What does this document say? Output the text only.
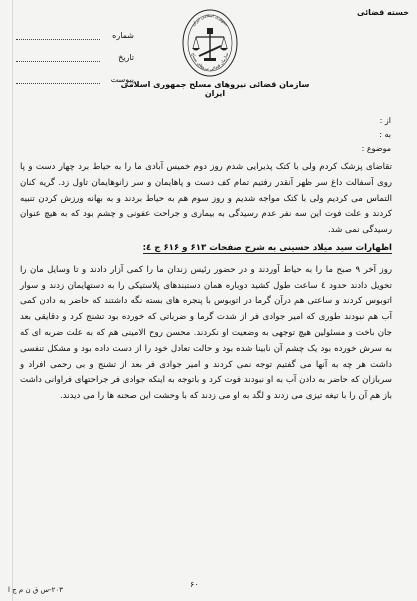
خسته قضائی
شماره
تاریخ
پیوست
جمهوری اسلامی ایران
سازمان قضائی نیروهای مسلح
سازمان قضائی نیروهای مسلح جمهوری اسلامی ایران
از :
به :
موضوع :

تقاضای پزشک کردم ولی با کتک پذیرایی شدم روز دوم خمیس آبادی ما را به حیاط برد چهار دست و پا روی آسفالت داغ سر ظهر آنقدر رفتیم تمام کف دست و پاهایمان و سر زانوهایمان تاول زد. گریه کنان التماس می کردیم ولی با کتک مواجه شدیم و روز سوم هم به حیاط بردند و به بهانه ورزش کردن تنبیه کردند و علت فوت این سه نفر عدم رسیدگی به بیماری و جراحت عفونی و چشم بود که به هیچ عنوان رسیدگی نمی شد.

اظهارات سید میلاد حسینی به شرح صفحات ۶۱۳ و ۶۱۶ ج ٤:

روز آخر ۹ صبح ما را به حیاط آوردند و در حضور رئیس زندان ما را کمی آزار دادند و تا وسایل مان را تحویل دادند حدود ٤ ساعت طول کشید دوباره همان دستبندهای پلاستیکی را به دستهایمان زدند و سوار اتوبوس کردند و ساعتی هم درآن گرما در اتوبوس با پنجره های بسته نگه داشتند که حاضر به دادن کمی آب هم نبودند طوری که امیر جوادی فر از شدت گرما و ضرباتی که خورده بود تشنج کرد و دقایقی بعد جان باخت و مسئولین هیچ توجهی به وضعیت او نکردند. محسن روح الامینی هم که به علت ضربه ای که به سرش خورده بود یک چشم آن نابینا شده بود و حالت تعادل خود را از دست داده بود و مشکل تنفسی داشت هر چه به آنها می گفتیم توجه نمی کردند و امیر جوادی فر بعد از تشنج و بی رحمی افراد و سربازان که حاضر به دادن آب به او نبودند فوت کرد و باتوجه به اینکه جوادی فر جراحتهای فراوانی داشت باز هم آن را با تیغه تیزی می زدند و لگد به او می زدند که با وحشت این صحنه ها را می دیدند.

۶۰
۲۰۳-س ق ن م ج ا
